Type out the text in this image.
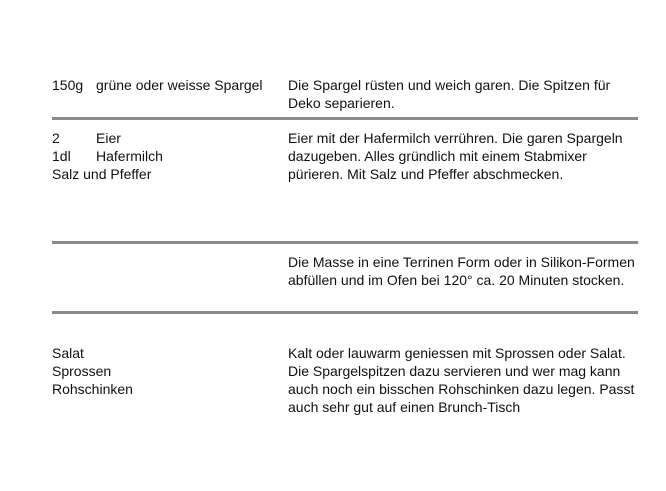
150g grüne oder weisse Spargel Die Spargel rüsten und weich garen. Die Spitzen für
Deko separieren.
2	Eier
1dl Hafermilch
Salz und Pfeffer
Eier mit der Hafermilch verrühren. Die garen Spargeln
dazugeben. Alles gründlich mit einem Stabmixer
pürieren. Mit Salz und Pfeffer abschmecken.
Die Masse in eine Terrinen Form oder in Silikon-Formen
abfüllen und im Ofen bei 120° ca. 20 Minuten stocken.
Salat
Sprossen
Rohschinken
Kalt oder lauwarm geniessen mit Sprossen oder Salat.
Die Spargelspitzen dazu servieren und wer mag kann
auch noch ein bisschen Rohschinken dazu legen. Passt
auch sehr gut auf einen Brunch-Tisch
